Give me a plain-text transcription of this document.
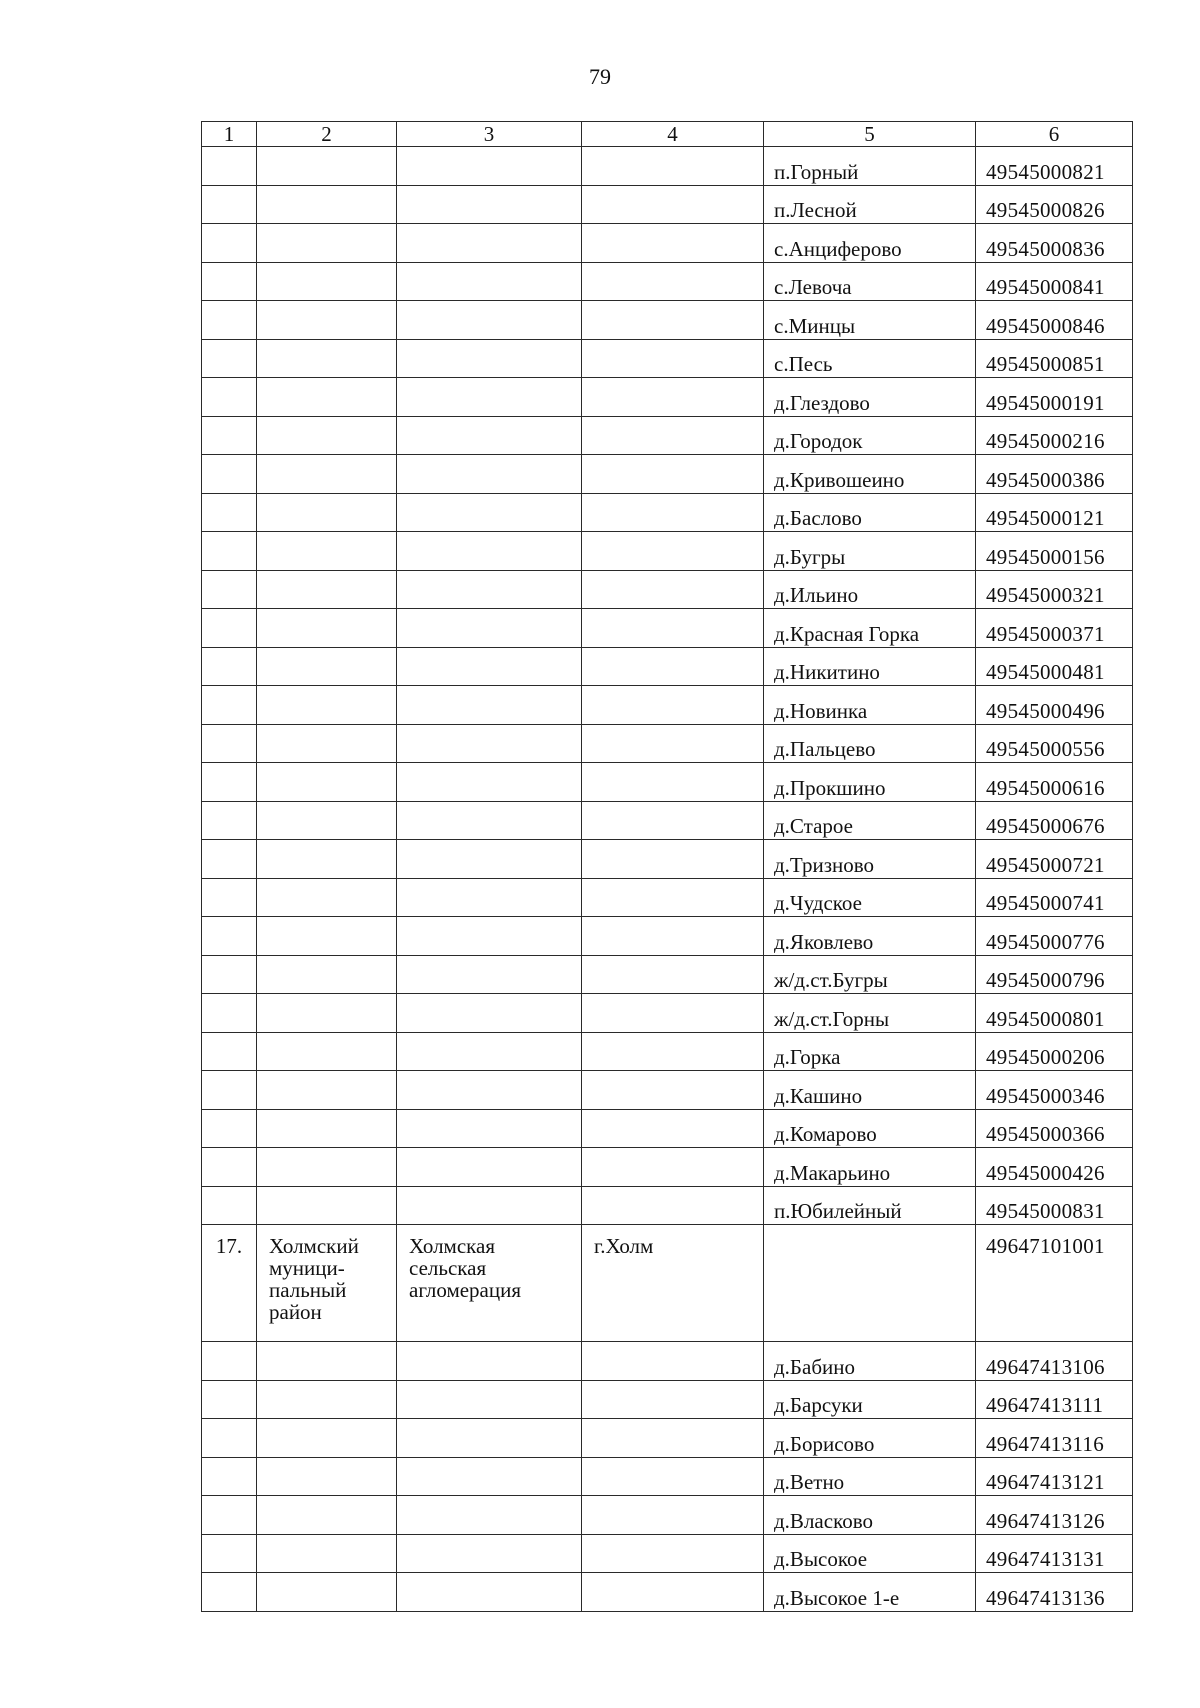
79
1	2	3	4	5	6
				п.Горный	49545000821
				п.Лесной	49545000826
				с.Анциферово	49545000836
				с.Левоча	49545000841
				с.Минцы	49545000846
				с.Песь	49545000851
				д.Глездово	49545000191
				д.Городок	49545000216
				д.Кривошеино	49545000386
				д.Баслово	49545000121
				д.Бугры	49545000156
				д.Ильино	49545000321
				д.Красная Горка	49545000371
				д.Никитино	49545000481
				д.Новинка	49545000496
				д.Пальцево	49545000556
				д.Прокшино	49545000616
				д.Старое	49545000676
				д.Тризново	49545000721
				д.Чудское	49545000741
				д.Яковлево	49545000776
				ж/д.ст.Бугры	49545000796
				ж/д.ст.Горны	49545000801
				д.Горка	49545000206
				д.Кашино	49545000346
				д.Комарово	49545000366
				д.Макарьино	49545000426
				п.Юбилейный	49545000831
17.	Холмский
муници-
пальный
район	Холмская
сельская
агломерация	г.Холм		49647101001
				д.Бабино	49647413106
				д.Барсуки	49647413111
				д.Борисово	49647413116
				д.Ветно	49647413121
				д.Власково	49647413126
				д.Высокое	49647413131
				д.Высокое 1-е	49647413136
